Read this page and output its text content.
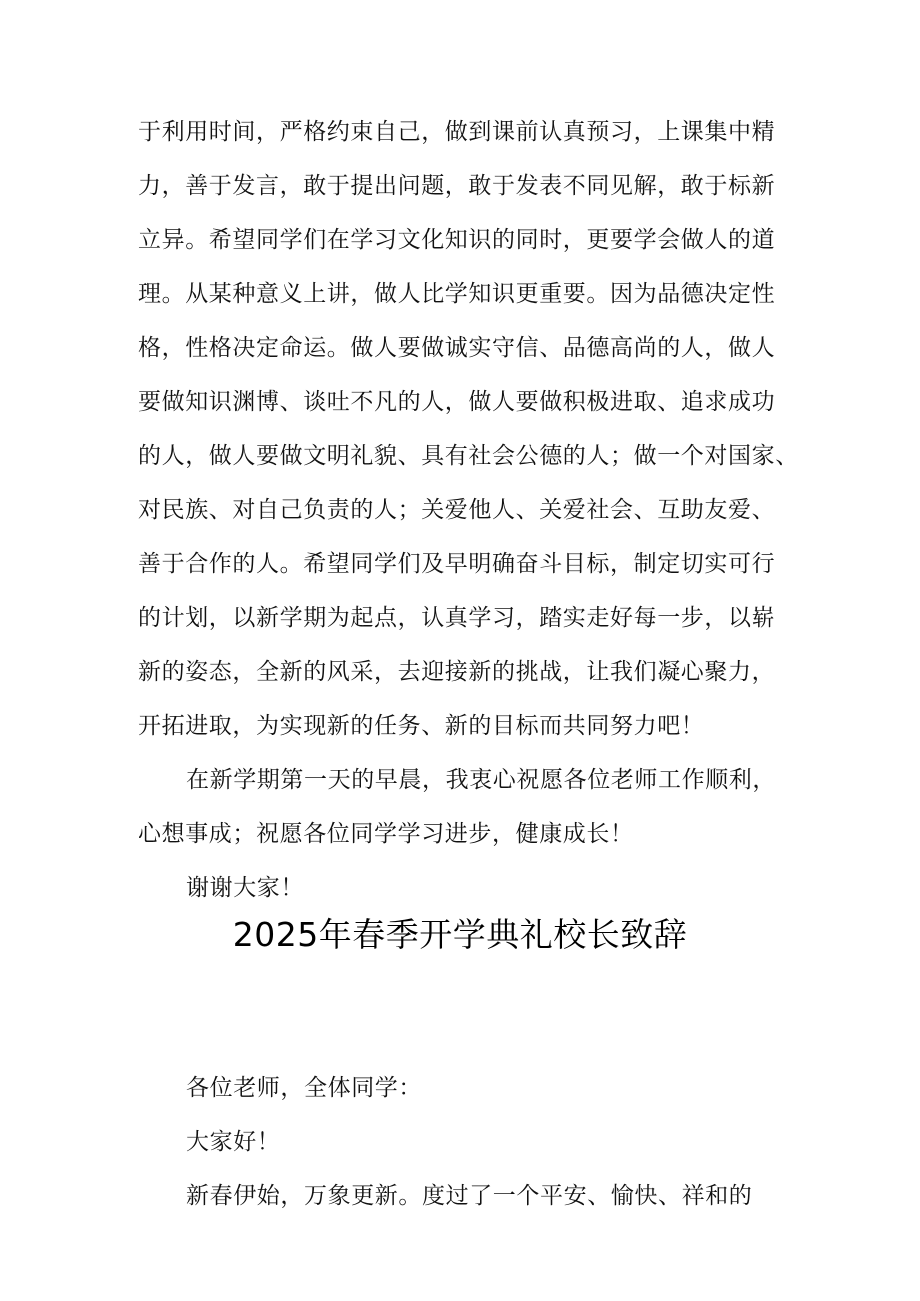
于利用时间，严格约束自己，做到课前认真预习，上课集中精
力，善于发言，敢于提出问题，敢于发表不同见解，敢于标新
立异。希望同学们在学习文化知识的同时，更要学会做人的道
理。从某种意义上讲，做人比学知识更重要。因为品德决定性
格，性格决定命运。做人要做诚实守信、品德高尚的人，做人
要做知识渊博、谈吐不凡的人，做人要做积极进取、追求成功
的人，做人要做文明礼貌、具有社会公德的人；做一个对国家、
对民族、对自己负责的人；关爱他人、关爱社会、互助友爱、
善于合作的人。希望同学们及早明确奋斗目标，制定切实可行
的计划，以新学期为起点，认真学习，踏实走好每一步，以崭
新的姿态，全新的风采，去迎接新的挑战，让我们凝心聚力，
开拓进取，为实现新的任务、新的目标而共同努力吧！
在新学期第一天的早晨，我衷心祝愿各位老师工作顺利，
心想事成；祝愿各位同学学习进步，健康成长！
谢谢大家！
2025年春季开学典礼校长致辞
各位老师，全体同学：
大家好！
新春伊始，万象更新。度过了一个平安、愉快、祥和的
